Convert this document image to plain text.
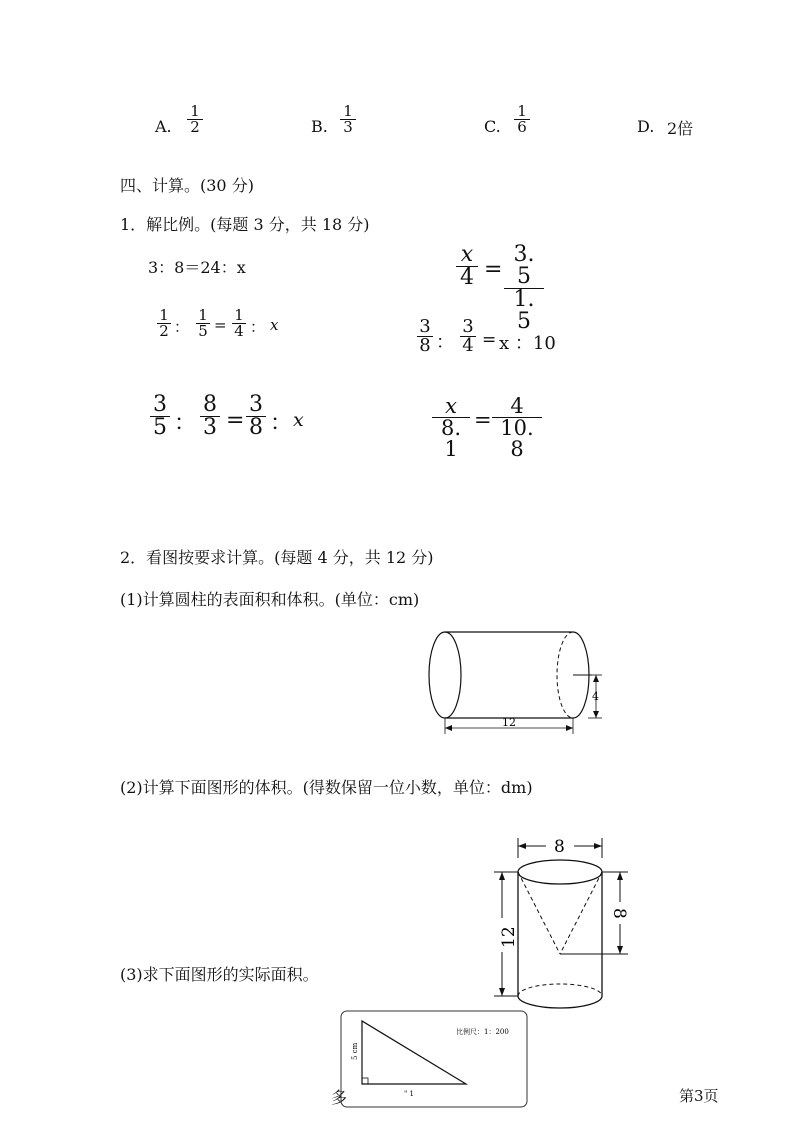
A.
1
2	B.
1
3	C.
1
6	D. 2倍
四、计算。(30 分)
1．解比例。(每题 3 分，共 18 分)
3：8＝24：x
x
4 =
3. 5
1. 5
1
2 ：
1
5 =
1
4 ： x	3
8 ：
3
4 = x ：10
3
5 ：
8
3 =
3
8 ： x
x
8. 1
=
4
10. 8
2．看图按要求计算。(每题 4 分，共 12 分)
(1)计算圆柱的表面积和体积。(单位：cm)
4
12
(2)计算下面图形的体积。(得数保留一位小数，单位：dm)
8
8
12
(3)求下面图形的实际面积。
5 cm
" 1
比例尺：1：200
多	第3页
